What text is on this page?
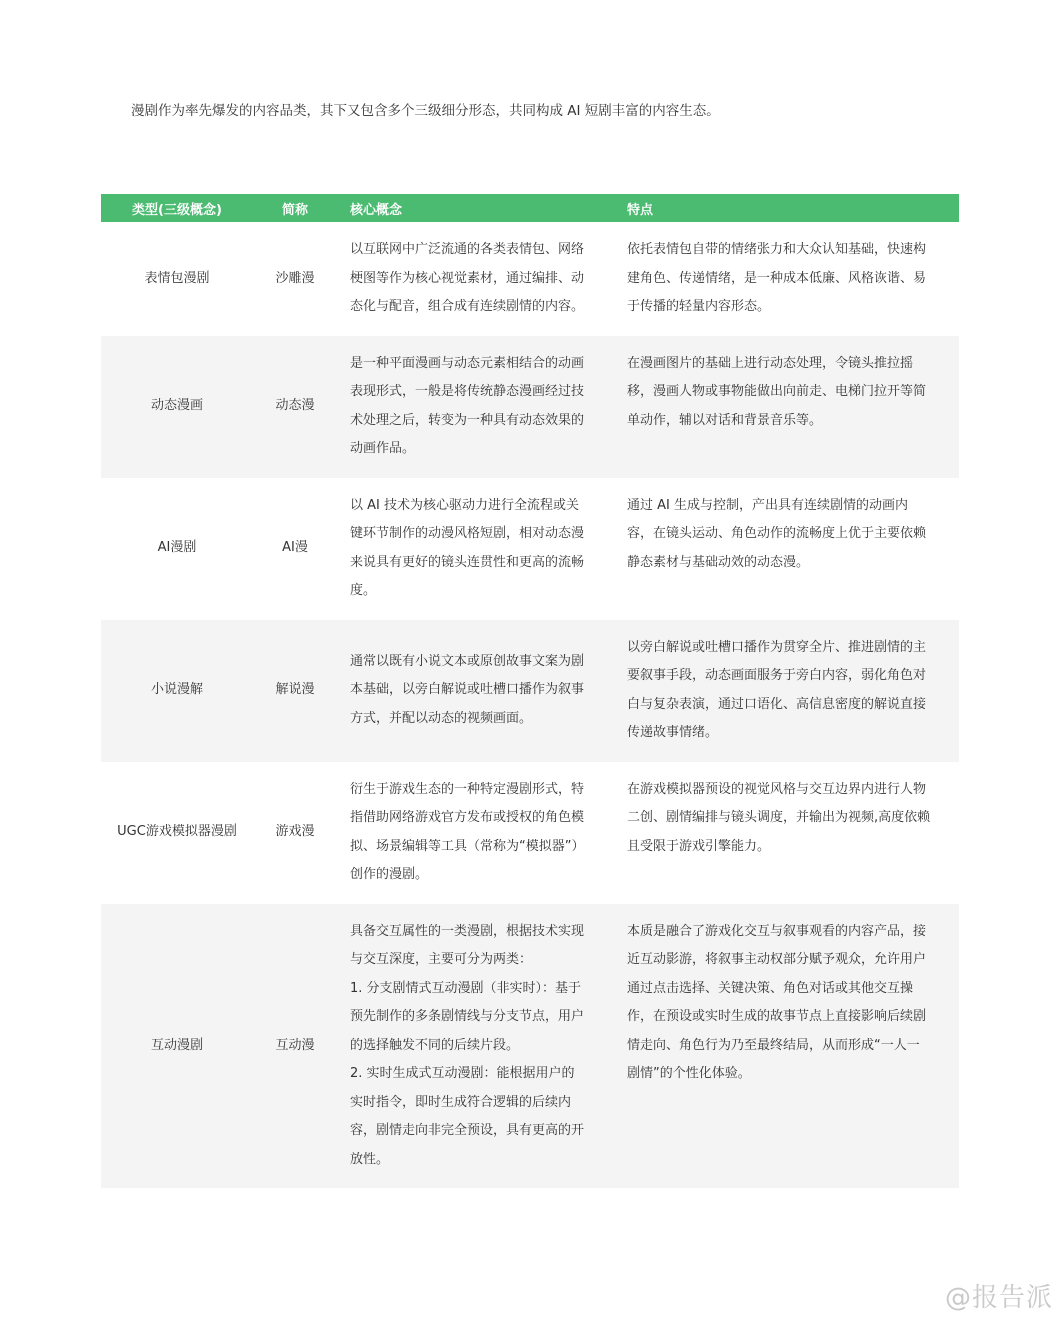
漫剧作为率先爆发的内容品类，其下又包含多个三级细分形态，共同构成 AI 短剧丰富的内容生态。

类型(三级概念)	简称	核心概念	特点
表情包漫剧	沙雕漫	以互联网中广泛流通的各类表情包、网络梗图等作为核心视觉素材，通过编排、动态化与配音，组合成有连续剧情的内容。	依托表情包自带的情绪张力和大众认知基础，快速构建角色、传递情绪，是一种成本低廉、风格诙谐、易于传播的轻量内容形态。
动态漫画	动态漫	是一种平面漫画与动态元素相结合的动画表现形式，一般是将传统静态漫画经过技术处理之后，转变为一种具有动态效果的动画作品。	在漫画图片的基础上进行动态处理，令镜头推拉摇移，漫画人物或事物能做出向前走、电梯门拉开等简单动作，辅以对话和背景音乐等。
AI漫剧	AI漫	以 AI 技术为核心驱动力进行全流程或关键环节制作的动漫风格短剧，相对动态漫来说具有更好的镜头连贯性和更高的流畅度。	通过 AI 生成与控制，产出具有连续剧情的动画内容，在镜头运动、角色动作的流畅度上优于主要依赖静态素材与基础动效的动态漫。
小说漫解	解说漫	通常以既有小说文本或原创故事文案为剧本基础，以旁白解说或吐槽口播作为叙事方式，并配以动态的视频画面。	以旁白解说或吐槽口播作为贯穿全片、推进剧情的主要叙事手段，动态画面服务于旁白内容，弱化角色对白与复杂表演，通过口语化、高信息密度的解说直接传递故事情绪。
UGC游戏模拟器漫剧	游戏漫	衍生于游戏生态的一种特定漫剧形式，特指借助网络游戏官方发布或授权的角色模拟、场景编辑等工具（常称为“模拟器”）创作的漫剧。	在游戏模拟器预设的视觉风格与交互边界内进行人物二创、剧情编排与镜头调度，并输出为视频,高度依赖且受限于游戏引擎能力。
互动漫剧	互动漫	具备交互属性的一类漫剧，根据技术实现与交互深度，主要可分为两类：
1. 分支剧情式互动漫剧（非实时）：基于预先制作的多条剧情线与分支节点，用户的选择触发不同的后续片段。
2. 实时生成式互动漫剧：能根据用户的实时指令，即时生成符合逻辑的后续内容，剧情走向非完全预设，具有更高的开放性。	本质是融合了游戏化交互与叙事观看的内容产品，接近互动影游，将叙事主动权部分赋予观众，允许用户通过点击选择、关键决策、角色对话或其他交互操作，在预设或实时生成的故事节点上直接影响后续剧情走向、角色行为乃至最终结局，从而形成“一人一剧情”的个性化体验。
@报告派
